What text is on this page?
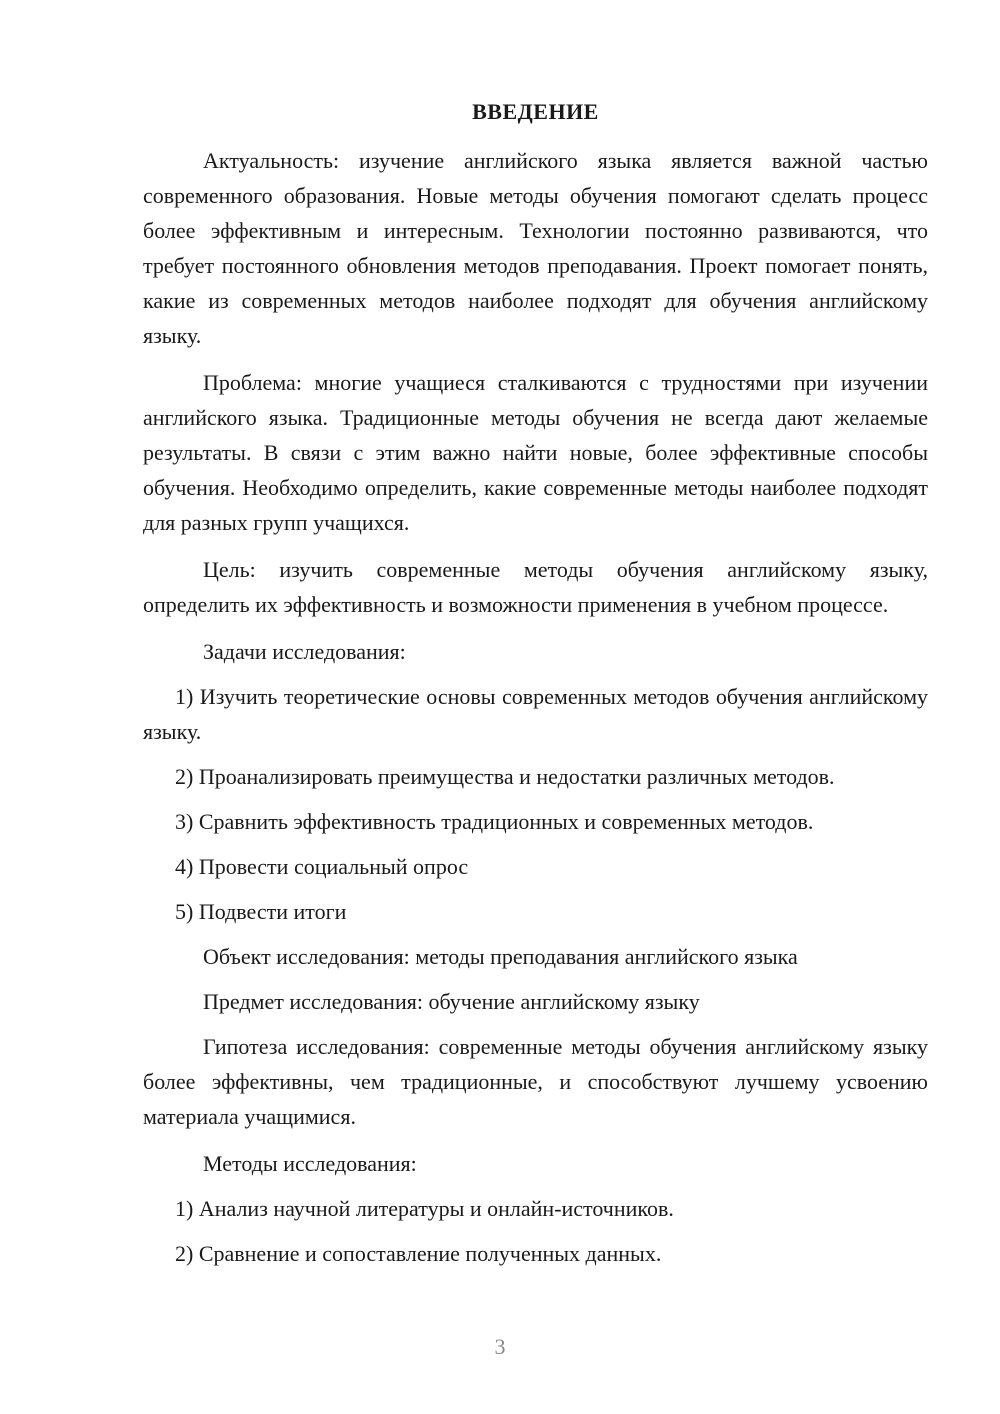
ВВЕДЕНИЕ

Актуальность: изучение английского языка является важной частью современного образования. Новые методы обучения помогают сделать процесс более эффективным и интересным. Технологии постоянно развиваются, что требует постоянного обновления методов преподавания. Проект помогает понять, какие из современных методов наиболее подходят для обучения английскому языку.

Проблема: многие учащиеся сталкиваются с трудностями при изучении английского языка. Традиционные методы обучения не всегда дают желаемые результаты. В связи с этим важно найти новые, более эффективные способы обучения. Необходимо определить, какие современные методы наиболее подходят для разных групп учащихся.

Цель: изучить современные методы обучения английскому языку, определить их эффективность и возможности применения в учебном процессе.

Задачи исследования:

1) Изучить теоретические основы современных методов обучения английскому языку.

2) Проанализировать преимущества и недостатки различных методов.

3) Сравнить эффективность традиционных и современных методов.

4) Провести социальный опрос

5) Подвести итоги

Объект исследования: методы преподавания английского языка

Предмет исследования: обучение английскому языку

Гипотеза исследования: современные методы обучения английскому языку более эффективны, чем традиционные, и способствуют лучшему усвоению материала учащимися.

Методы исследования:

1) Анализ научной литературы и онлайн-источников.

2) Сравнение и сопоставление полученных данных.

3
